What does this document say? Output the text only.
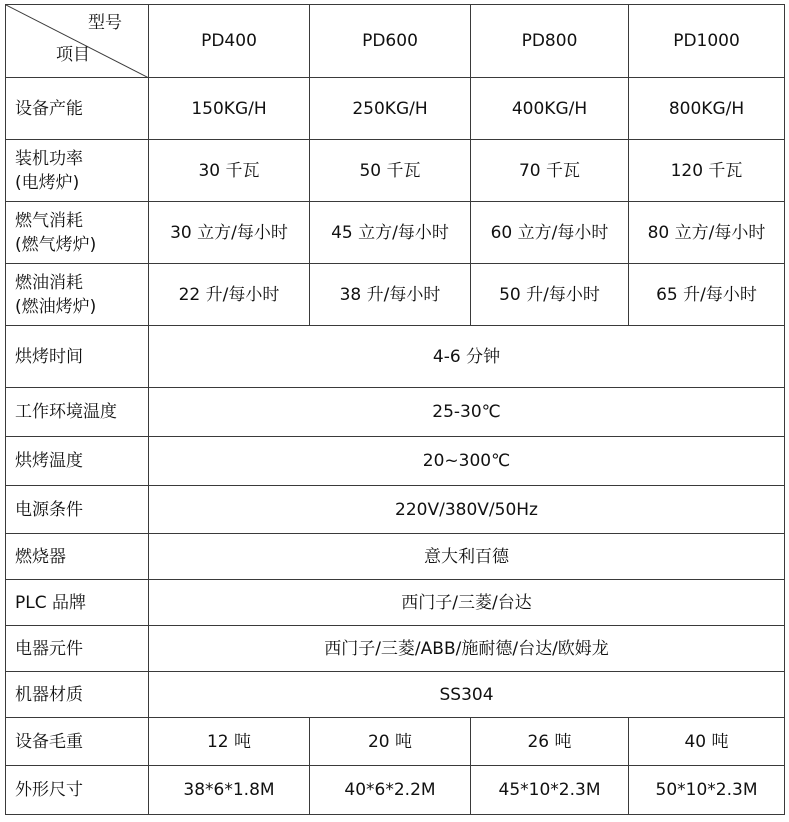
型号
项目	PD400	PD600	PD800	PD1000
设备产能	150KG/H	250KG/H	400KG/H	800KG/H

装机功率
(电烤炉)	30 千瓦	50 千瓦	70 千瓦	120 千瓦

燃气消耗
(燃气烤炉)	30 立方/每小时	45 立方/每小时	60 立方/每小时	80 立方/每小时

燃油消耗
(燃油烤炉)	22 升/每小时	38 升/每小时	50 升/每小时	65 升/每小时
烘烤时间	4-6 分钟			
工作环境温度	25-30℃			
烘烤温度	20~300℃			
电源条件	220V/380V/50Hz			
燃烧器	意大利百德			
PLC 品牌	西门子/三菱/台达			
电器元件	西门子/三菱/ABB/施耐德/台达/欧姆龙			
机器材质	SS304			
设备毛重	12 吨	20 吨	26 吨	40 吨
外形尺寸	38*6*1.8M	40*6*2.2M	45*10*2.3M	50*10*2.3M
